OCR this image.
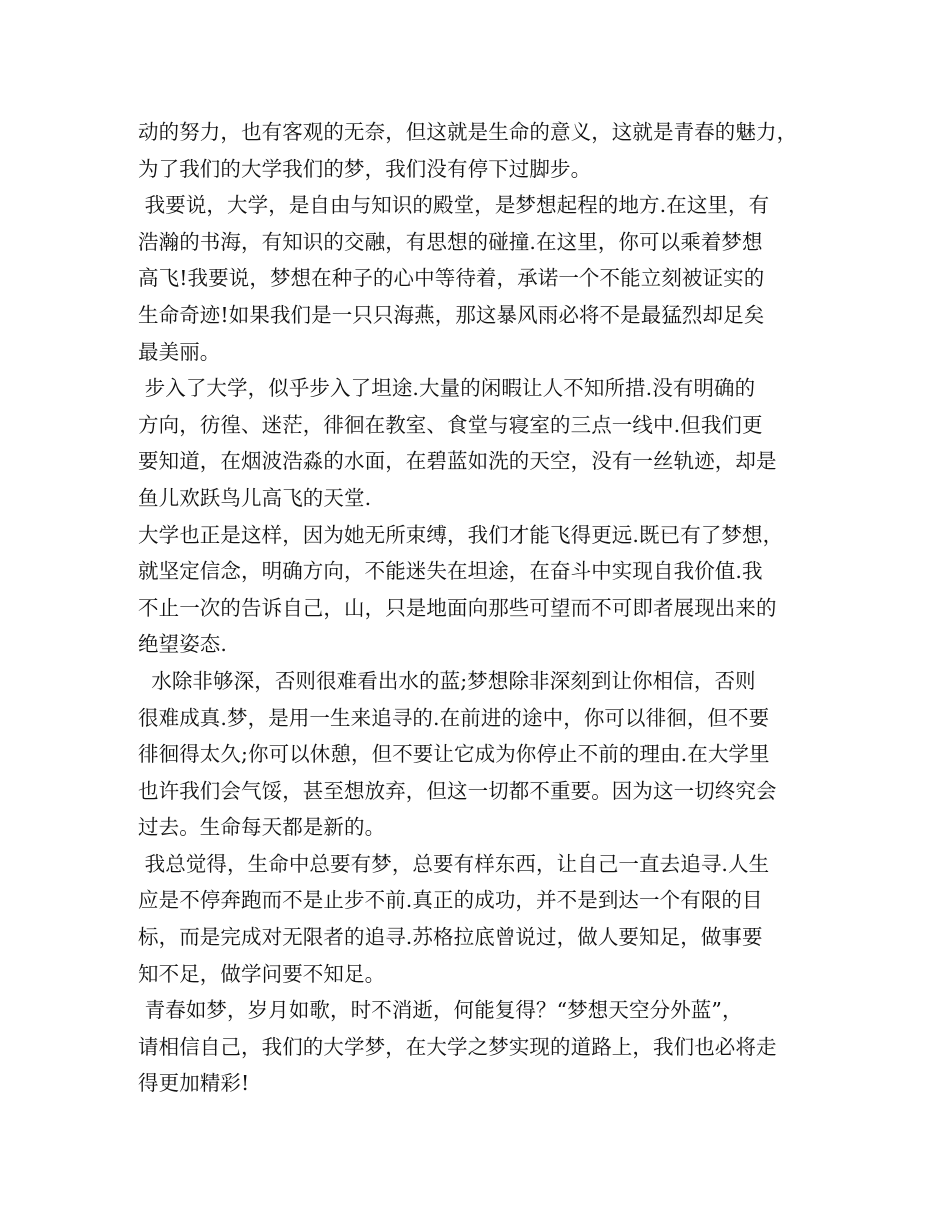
动的努力，也有客观的无奈，但这就是生命的意义，这就是青春的魅力，
为了我们的大学我们的梦，我们没有停下过脚步。
我要说，大学，是自由与知识的殿堂，是梦想起程的地方.在这里，有
浩瀚的书海，有知识的交融，有思想的碰撞.在这里，你可以乘着梦想
高飞!我要说，梦想在种子的心中等待着，承诺一个不能立刻被证实的
生命奇迹!如果我们是一只只海燕，那这暴风雨必将不是最猛烈却足矣
最美丽。
步入了大学，似乎步入了坦途.大量的闲暇让人不知所措.没有明确的
方向，彷徨、迷茫，徘徊在教室、食堂与寝室的三点一线中.但我们更
要知道，在烟波浩淼的水面，在碧蓝如洗的天空，没有一丝轨迹，却是
鱼儿欢跃鸟儿高飞的天堂.
大学也正是这样，因为她无所束缚，我们才能飞得更远.既已有了梦想，
就坚定信念，明确方向，不能迷失在坦途，在奋斗中实现自我价值.我
不止一次的告诉自己，山，只是地面向那些可望而不可即者展现出来的
绝望姿态.
水除非够深，否则很难看出水的蓝;梦想除非深刻到让你相信，否则
很难成真.梦，是用一生来追寻的.在前进的途中，你可以徘徊，但不要
徘徊得太久;你可以休憩，但不要让它成为你停止不前的理由.在大学里
也许我们会气馁，甚至想放弃，但这一切都不重要。因为这一切终究会
过去。生命每天都是新的。
我总觉得，生命中总要有梦，总要有样东西，让自己一直去追寻.人生
应是不停奔跑而不是止步不前.真正的成功，并不是到达一个有限的目
标，而是完成对无限者的追寻.苏格拉底曾说过，做人要知足，做事要
知不足，做学问要不知足。
青春如梦，岁月如歌，时不消逝，何能复得？“梦想天空分外蓝”，
请相信自己，我们的大学梦，在大学之梦实现的道路上，我们也必将走
得更加精彩!
